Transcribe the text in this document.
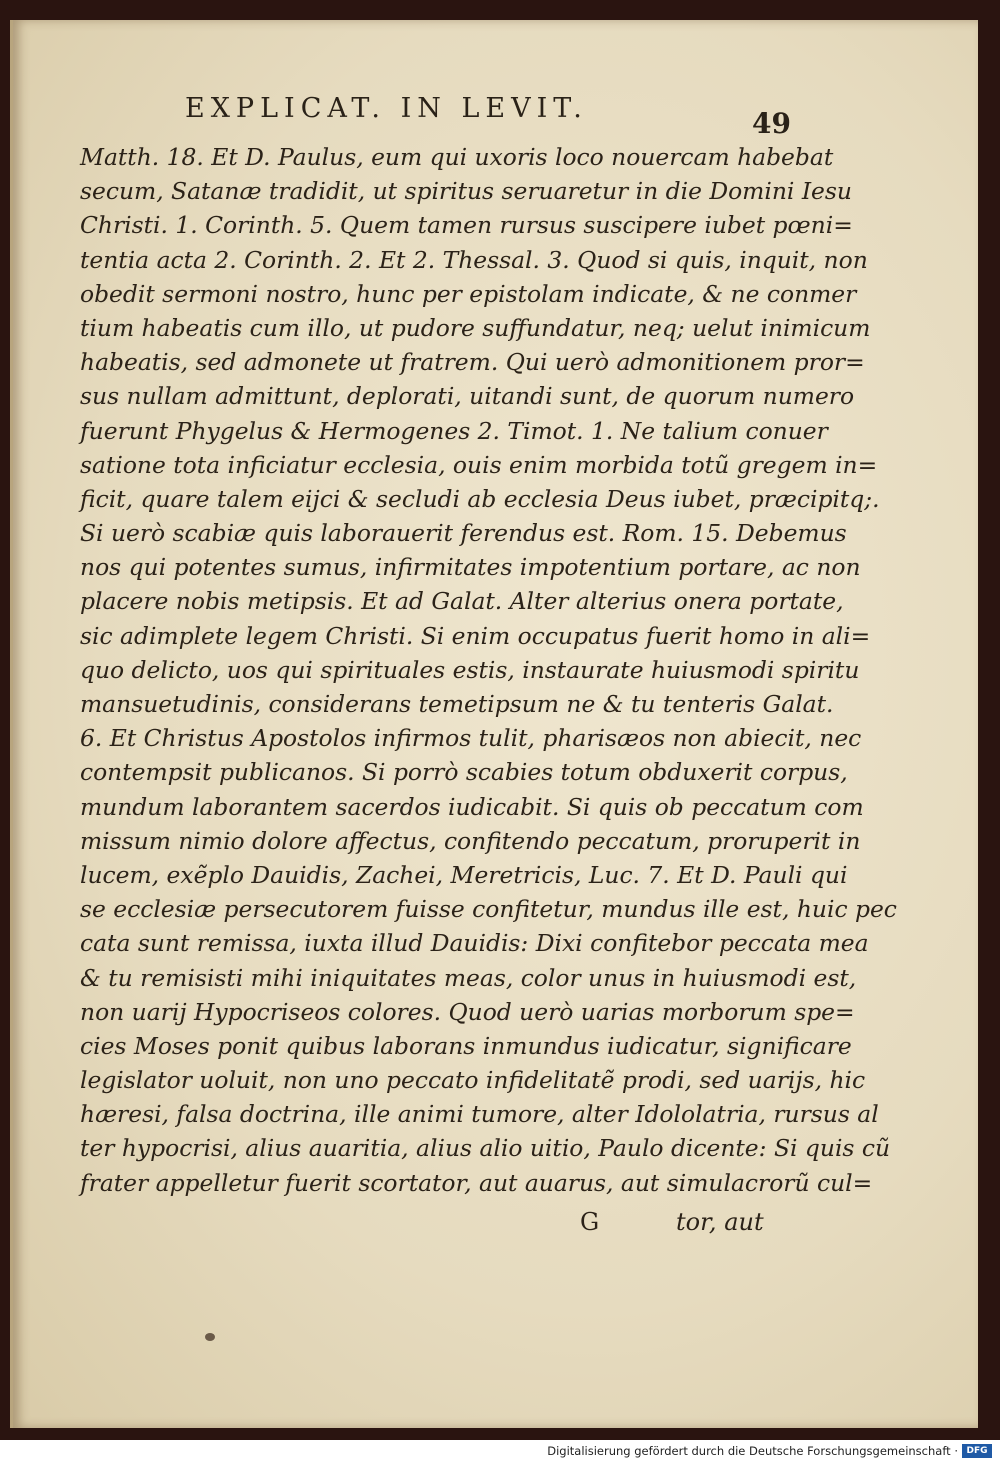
EXPLICAT. IN LEVIT.	49
Matth. 18. Et D. Paulus, eum qui uxoris loco nouercam habebat
secum, Satanæ tradidit, ut spiritus seruaretur in die Domini Iesu
Christi. 1. Corinth. 5. Quem tamen rursus suscipere iubet pœni=
tentia acta 2. Corinth. 2. Et 2. Thessal. 3. Quod si quis, inquit, non
obedit sermoni nostro, hunc per epistolam indicate, & ne conmer
tium habeatis cum illo, ut pudore suffundatur, neq; uelut inimicum
habeatis, sed admonete ut fratrem. Qui uerò admonitionem pror=
sus nullam admittunt, deplorati, uitandi sunt, de quorum numero
fuerunt Phygelus & Hermogenes 2. Timot. 1. Ne talium conuer
satione tota inficiatur ecclesia, ouis enim morbida totũ gregem in=
ficit, quare talem eijci & secludi ab ecclesia Deus iubet, præcipitq;.
Si uerò scabiæ quis laborauerit ferendus est. Rom. 15. Debemus
nos qui potentes sumus, infirmitates impotentium portare, ac non
placere nobis metipsis. Et ad Galat. Alter alterius onera portate,
sic adimplete legem Christi. Si enim occupatus fuerit homo in ali=
quo delicto, uos qui spirituales estis, instaurate huiusmodi spiritu
mansuetudinis, considerans temetipsum ne & tu tenteris Galat.
6. Et Christus Apostolos infirmos tulit, pharisæos non abiecit, nec
contempsit publicanos. Si porrò scabies totum obduxerit corpus,
mundum laborantem sacerdos iudicabit. Si quis ob peccatum com
missum nimio dolore affectus, confitendo peccatum, proruperit in
lucem, exẽplo Dauidis, Zachei, Meretricis, Luc. 7. Et D. Pauli qui
se ecclesiæ persecutorem fuisse confitetur, mundus ille est, huic pec
cata sunt remissa, iuxta illud Dauidis: Dixi confitebor peccata mea
& tu remisisti mihi iniquitates meas, color unus in huiusmodi est,
non uarij Hypocriseos colores. Quod uerò uarias morborum spe=
cies Moses ponit quibus laborans inmundus iudicatur, significare
legislator uoluit, non uno peccato infidelitatẽ prodi, sed uarijs, hic
hæresi, falsa doctrina, ille animi tumore, alter Idololatria, rursus al
ter hypocrisi, alius auaritia, alius alio uitio, Paulo dicente: Si quis cũ
frater appelletur fuerit scortator, aut auarus, aut simulacrorũ cul=
G	tor, aut
Digitalisierung gefördert durch die Deutsche Forschungsgemeinschaft · DFG
